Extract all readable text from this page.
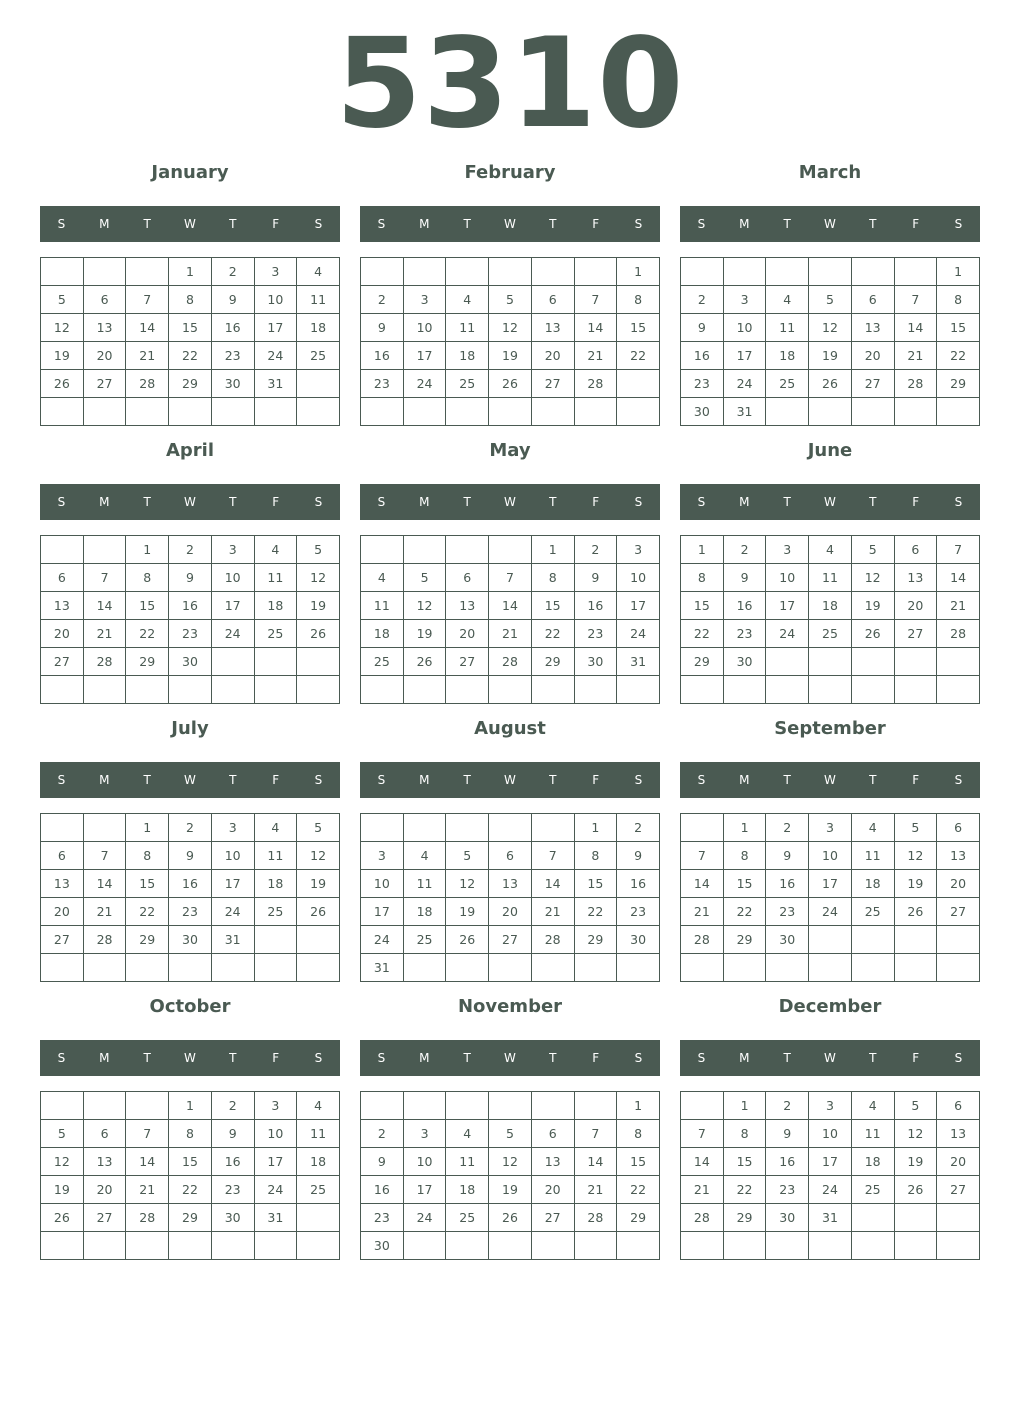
5310
January
S	M	T	W	T	F	S
			1	2	3	4
5	6	7	8	9	10	11
12	13	14	15	16	17	18
19	20	21	22	23	24	25
26	27	28	29	30	31	

February
S	M	T	W	T	F	S
						1
2	3	4	5	6	7	8
9	10	11	12	13	14	15
16	17	18	19	20	21	22
23	24	25	26	27	28	

March
S	M	T	W	T	F	S
						1
2	3	4	5	6	7	8
9	10	11	12	13	14	15
16	17	18	19	20	21	22
23	24	25	26	27	28	29
30	31					
April
S	M	T	W	T	F	S
		1	2	3	4	5
6	7	8	9	10	11	12
13	14	15	16	17	18	19
20	21	22	23	24	25	26
27	28	29	30			

May
S	M	T	W	T	F	S
				1	2	3
4	5	6	7	8	9	10
11	12	13	14	15	16	17
18	19	20	21	22	23	24
25	26	27	28	29	30	31

June
S	M	T	W	T	F	S
1	2	3	4	5	6	7
8	9	10	11	12	13	14
15	16	17	18	19	20	21
22	23	24	25	26	27	28
29	30					

July
S	M	T	W	T	F	S
		1	2	3	4	5
6	7	8	9	10	11	12
13	14	15	16	17	18	19
20	21	22	23	24	25	26
27	28	29	30	31		

August
S	M	T	W	T	F	S
					1	2
3	4	5	6	7	8	9
10	11	12	13	14	15	16
17	18	19	20	21	22	23
24	25	26	27	28	29	30
31						
September
S	M	T	W	T	F	S
	1	2	3	4	5	6
7	8	9	10	11	12	13
14	15	16	17	18	19	20
21	22	23	24	25	26	27
28	29	30				

October
S	M	T	W	T	F	S
			1	2	3	4
5	6	7	8	9	10	11
12	13	14	15	16	17	18
19	20	21	22	23	24	25
26	27	28	29	30	31	

November
S	M	T	W	T	F	S
						1
2	3	4	5	6	7	8
9	10	11	12	13	14	15
16	17	18	19	20	21	22
23	24	25	26	27	28	29
30						
December
S	M	T	W	T	F	S
	1	2	3	4	5	6
7	8	9	10	11	12	13
14	15	16	17	18	19	20
21	22	23	24	25	26	27
28	29	30	31			
